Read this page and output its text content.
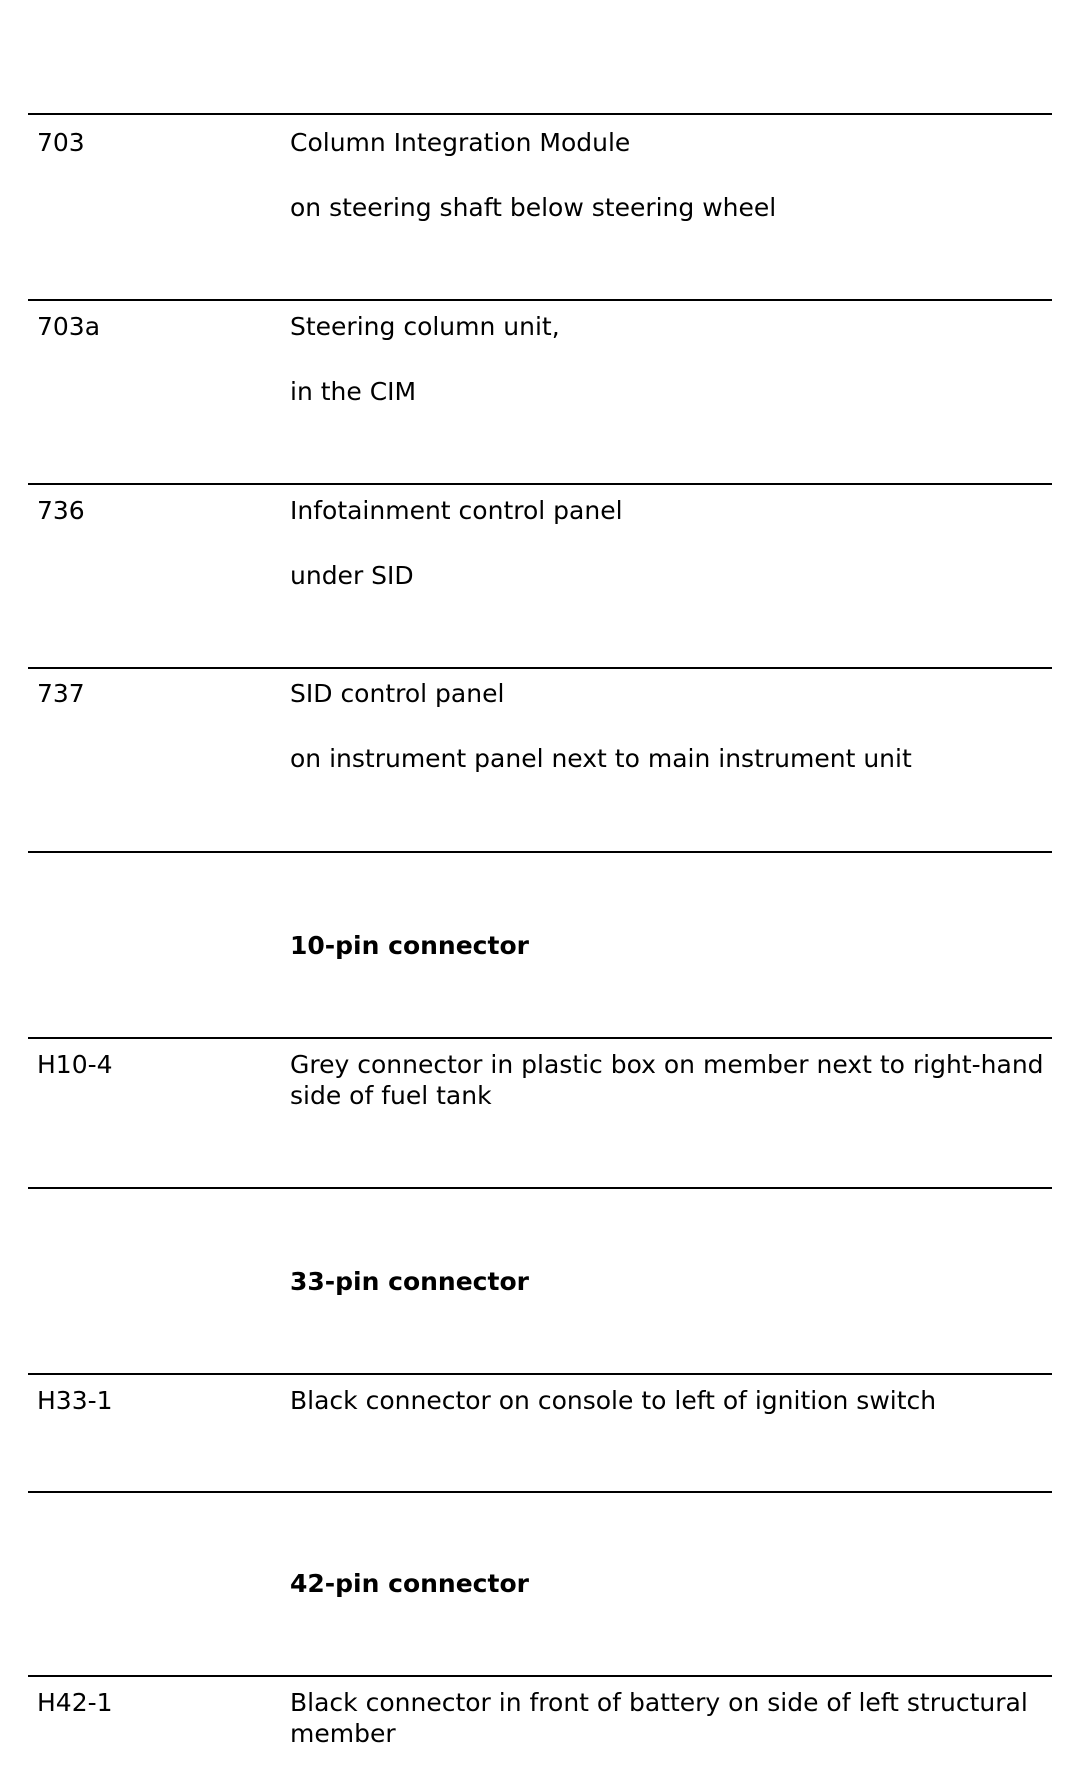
703	Column Integration Module
on steering shaft below steering wheel
703a	Steering column unit,
in the CIM
736	Infotainment control panel
under SID
737	SID control panel
on instrument panel next to main instrument unit
10-pin connector
H10-4	Grey connector in plastic box on member next to right-hand side of fuel tank
33-pin connector
H33-1	Black connector on console to left of ignition switch
42-pin connector
H42-1	Black connector in front of battery on side of left structural member
